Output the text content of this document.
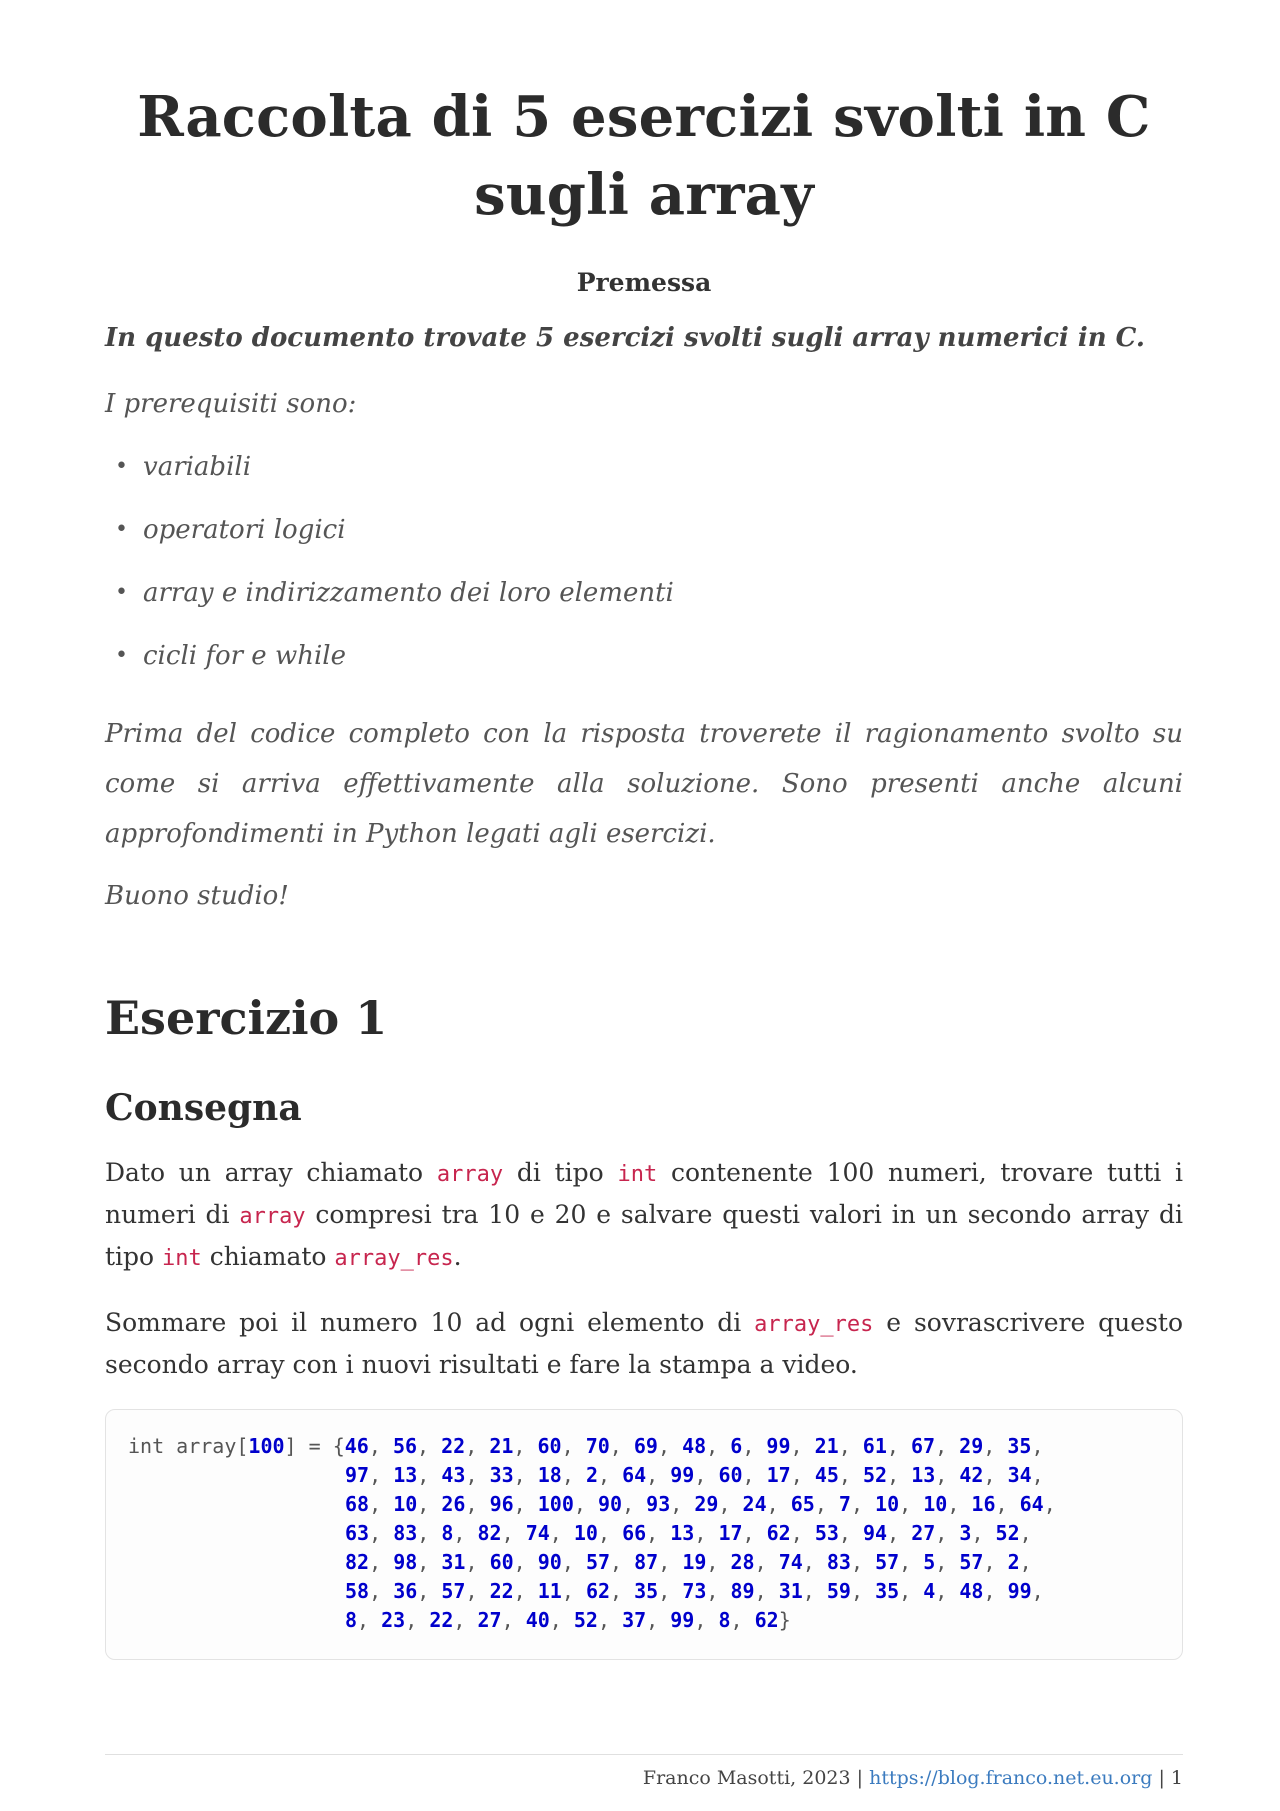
Raccolta di 5 esercizi svolti in C sugli array
Premessa
In questo documento trovate 5 esercizi svolti sugli array numerici in C.
I prerequisiti sono:
• variabili
• operatori logici
• array e indirizzamento dei loro elementi
• cicli for e while
Prima del codice completo con la risposta troverete il ragionamento svolto su come si arriva effettivamente alla soluzione. Sono presenti anche alcuni approfondimenti in Python legati agli esercizi.
Buono studio!
Esercizio 1
Consegna

Dato un array chiamato array di tipo int contenente 100 numeri, trovare tutti i numeri di array compresi tra 10 e 20 e salvare questi valori in un secondo array di tipo int chiamato array_res.

Sommare poi il numero 10 ad ogni elemento di array_res e sovrascrivere questo secondo array con i nuovi risultati e fare la stampa a video.

int array[100] = {46, 56, 22, 21, 60, 70, 69, 48, 6, 99, 21, 61, 67, 29, 35,
97, 13, 43, 33, 18, 2, 64, 99, 60, 17, 45, 52, 13, 42, 34,
68, 10, 26, 96, 100, 90, 93, 29, 24, 65, 7, 10, 10, 16, 64,
63, 83, 8, 82, 74, 10, 66, 13, 17, 62, 53, 94, 27, 3, 52,
82, 98, 31, 60, 90, 57, 87, 19, 28, 74, 83, 57, 5, 57, 2,
58, 36, 57, 22, 11, 62, 35, 73, 89, 31, 59, 35, 4, 48, 99,
8, 23, 22, 27, 40, 52, 37, 99, 8, 62}
Franco Masotti, 2023 | https://blog.franco.net.eu.org | 1
